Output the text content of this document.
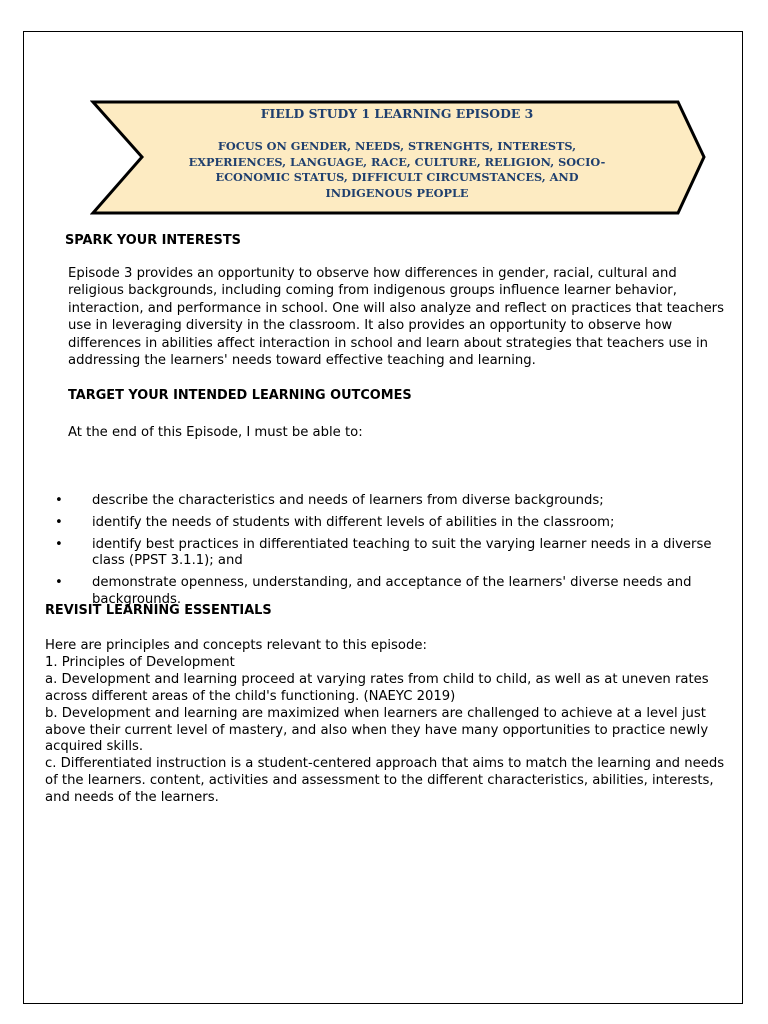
FIELD STUDY 1 LEARNING EPISODE 3

FOCUS ON GENDER, NEEDS, STRENGHTS, INTERESTS, EXPERIENCES, LANGUAGE, RACE, CULTURE, RELIGION, SOCIO-ECONOMIC STATUS, DIFFICULT CIRCUMSTANCES, AND INDIGENOUS PEOPLE

SPARK YOUR INTERESTS

Episode 3 provides an opportunity to observe how differences in gender, racial, cultural and religious backgrounds, including coming from indigenous groups influence learner behavior, interaction, and performance in school. One will also analyze and reflect on practices that teachers use in leveraging diversity in the classroom. It also provides an opportunity to observe how differences in abilities affect interaction in school and learn about strategies that teachers use in addressing the learners' needs toward effective teaching and learning.

TARGET YOUR INTENDED LEARNING OUTCOMES

At the end of this Episode, I must be able to:

• describe the characteristics and needs of learners from diverse backgrounds;
• identify the needs of students with different levels of abilities in the classroom;
• identify best practices in differentiated teaching to suit the varying learner needs in a diverse class (PPST 3.1.1); and
• demonstrate openness, understanding, and acceptance of the learners' diverse needs and backgrounds.
REVISIT LEARNING ESSENTIALS
Here are principles and concepts relevant to this episode:
1. Principles of Development
a. Development and learning proceed at varying rates from child to child, as well as at uneven rates across different areas of the child's functioning. (NAEYC 2019)
b. Development and learning are maximized when learners are challenged to achieve at a level just above their current level of mastery, and also when they have many opportunities to practice newly acquired skills.
c. Differentiated instruction is a student-centered approach that aims to match the learning and needs of the learners. content, activities and assessment to the different characteristics, abilities, interests, and needs of the learners.
